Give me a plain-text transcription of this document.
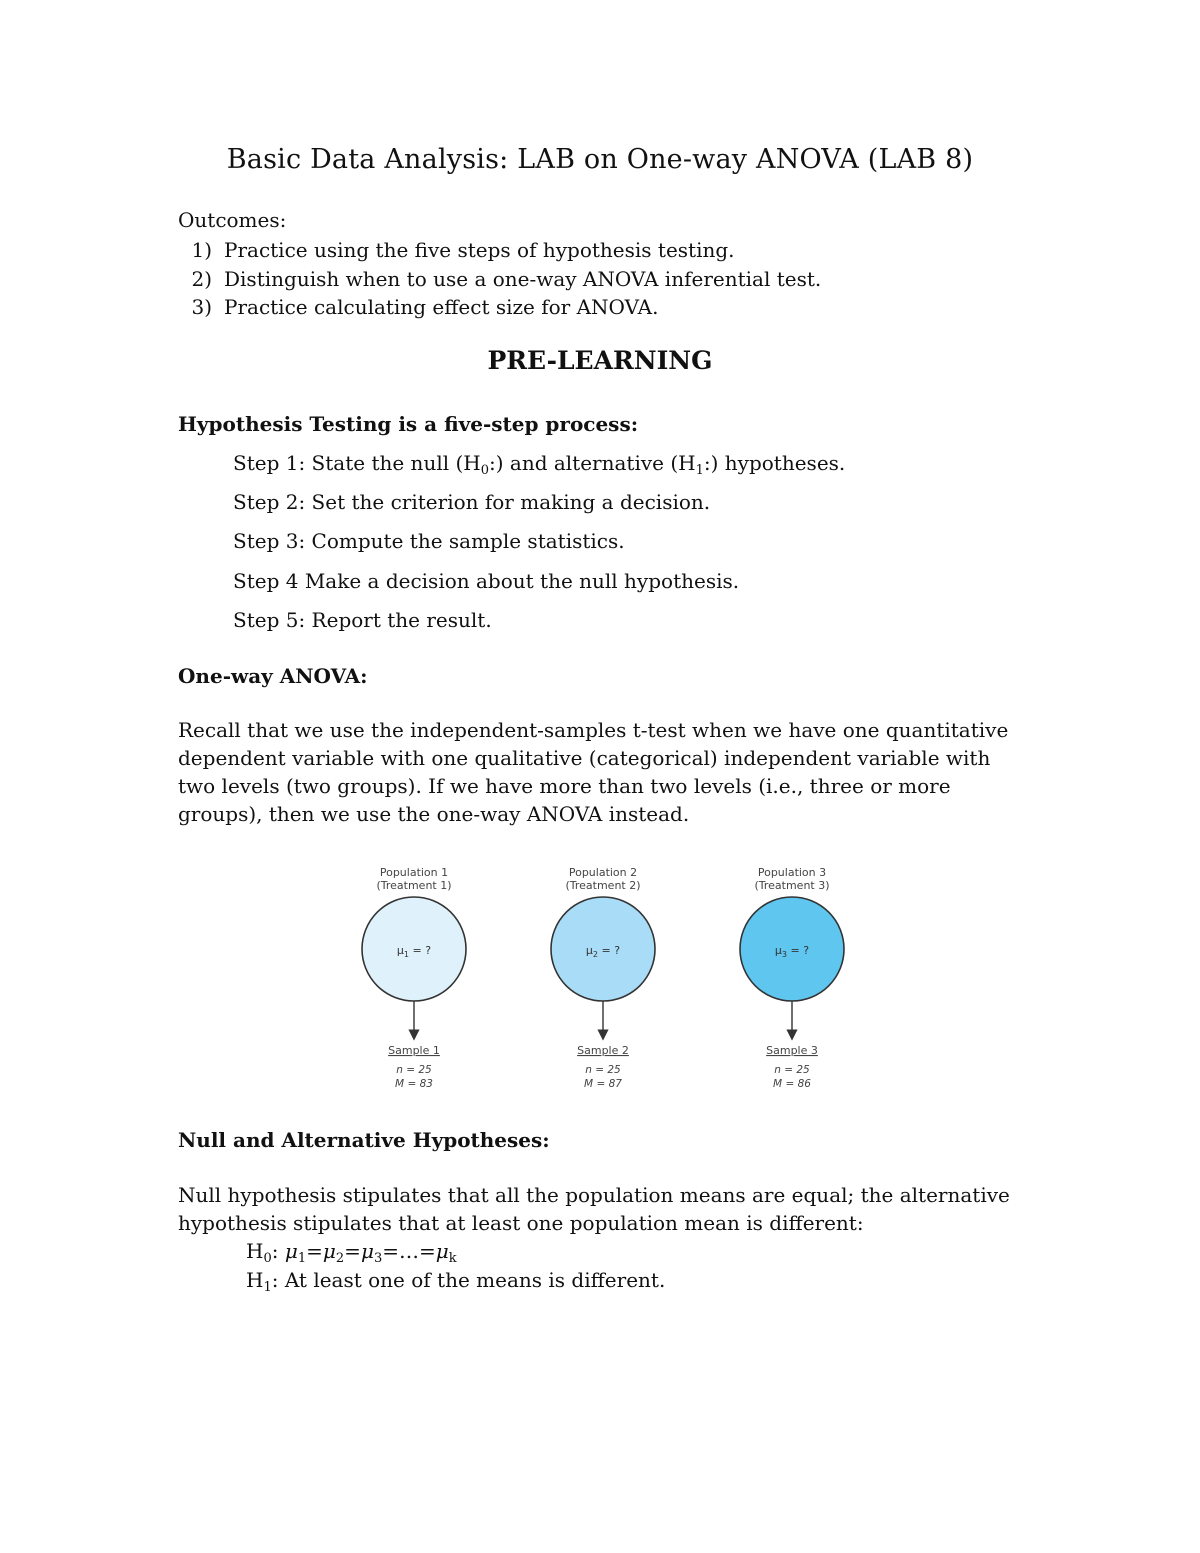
Basic Data Analysis: LAB on One-way ANOVA (LAB 8)
Outcomes:
1) Practice using the five steps of hypothesis testing.
2) Distinguish when to use a one-way ANOVA inferential test.
3) Practice calculating effect size for ANOVA.
PRE-LEARNING
Hypothesis Testing is a five-step process:
Step 1: State the null $(H_0:)$ and alternative $(H_1:)$ hypotheses.
Step 2: Set the criterion for making a decision.
Step 3: Compute the sample statistics.
Step 4 Make a decision about the null hypothesis.
Step 5: Report the result.
One-way ANOVA:
Recall that we use the independent-samples t-test when we have one quantitative
dependent variable with one qualitative (categorical) independent variable with
two levels (two groups). If we have more than two levels (i.e., three or more
groups), then we use the one-way ANOVA instead.
Population 1
(Treatment 1)
$\mu_1$ = ?
Sample 1
n = 25
M = 83
Population 2
(Treatment 2)
$\mu_2$ = ?
Sample 2
n = 25
M = 87
Population 3
(Treatment 3)
$\mu_3$ = ?
Sample 3
n = 25
M = 86
Null and Alternative Hypotheses:
Null hypothesis stipulates that all the population means are equal; the alternative
hypothesis stipulates that at least one population mean is different:
$H_0$: $\mu_1=\mu_2=\mu_3=\dots=\mu_k$
$H_1$: At least one of the means is different.
